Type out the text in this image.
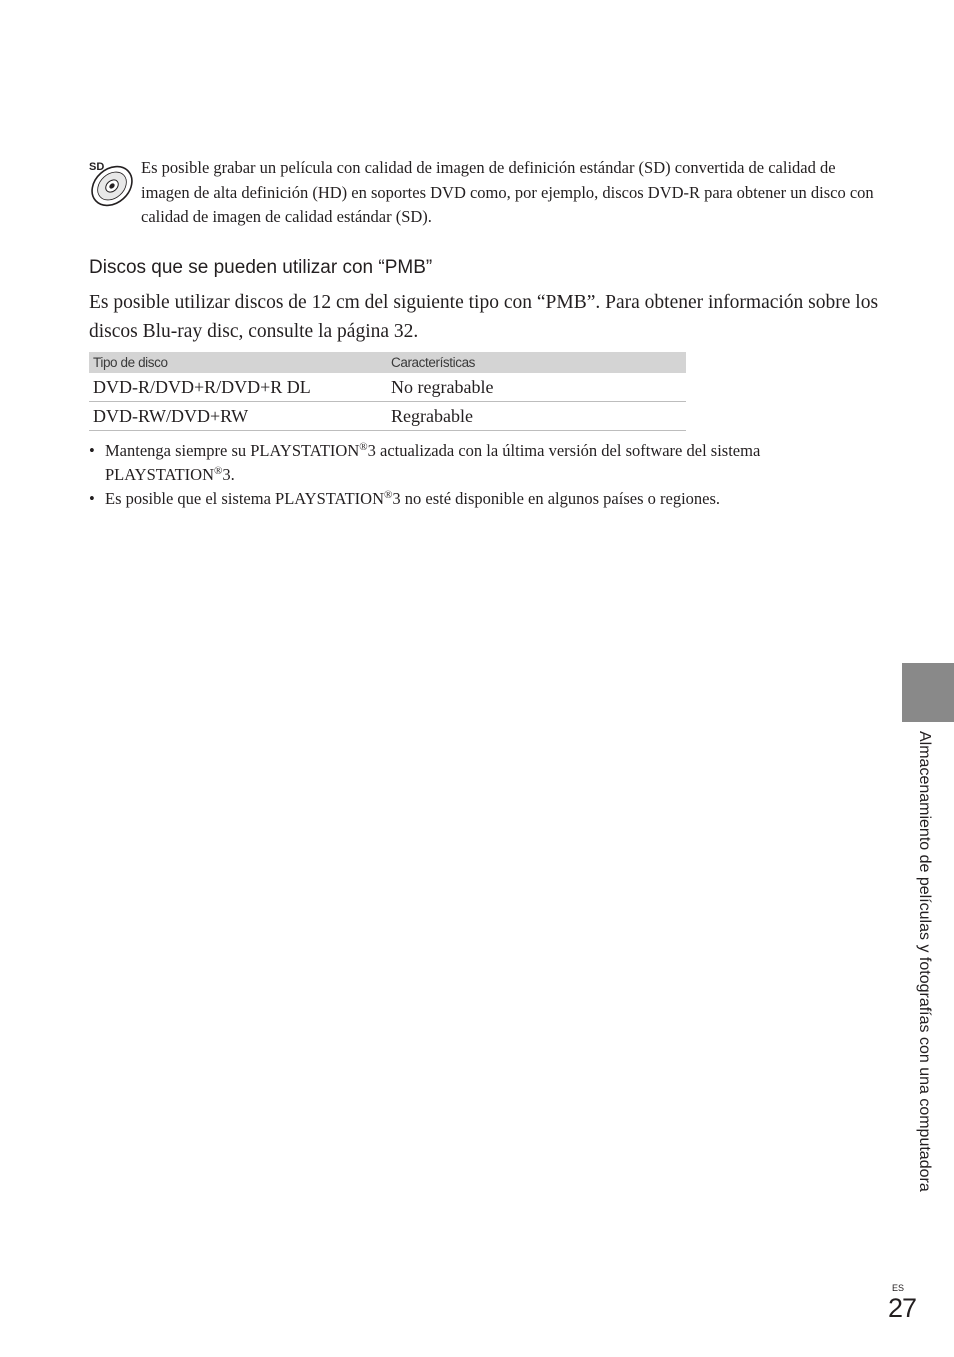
SD Es posible grabar un película con calidad de imagen de definición estándar (SD) convertida de calidad de imagen de alta definición (HD) en soportes DVD como, por ejemplo, discos DVD-R para obtener un disco con calidad de imagen de calidad estándar (SD).
Discos que se pueden utilizar con “PMB”
Es posible utilizar discos de 12 cm del siguiente tipo con “PMB”. Para obtener información sobre los discos Blu-ray disc, consulte la página 32.
Tipo de disco	Características
DVD-R/DVD+R/DVD+R DL	No regrabable
DVD-RW/DVD+RW	Regrabable
• Mantenga siempre su PLAYSTATION®3 actualizada con la última versión del software del sistema PLAYSTATION®3.
• Es posible que el sistema PLAYSTATION®3 no esté disponible en algunos países o regiones.
Almacenamiento de películas y fotografías con una computadora
ES
27
